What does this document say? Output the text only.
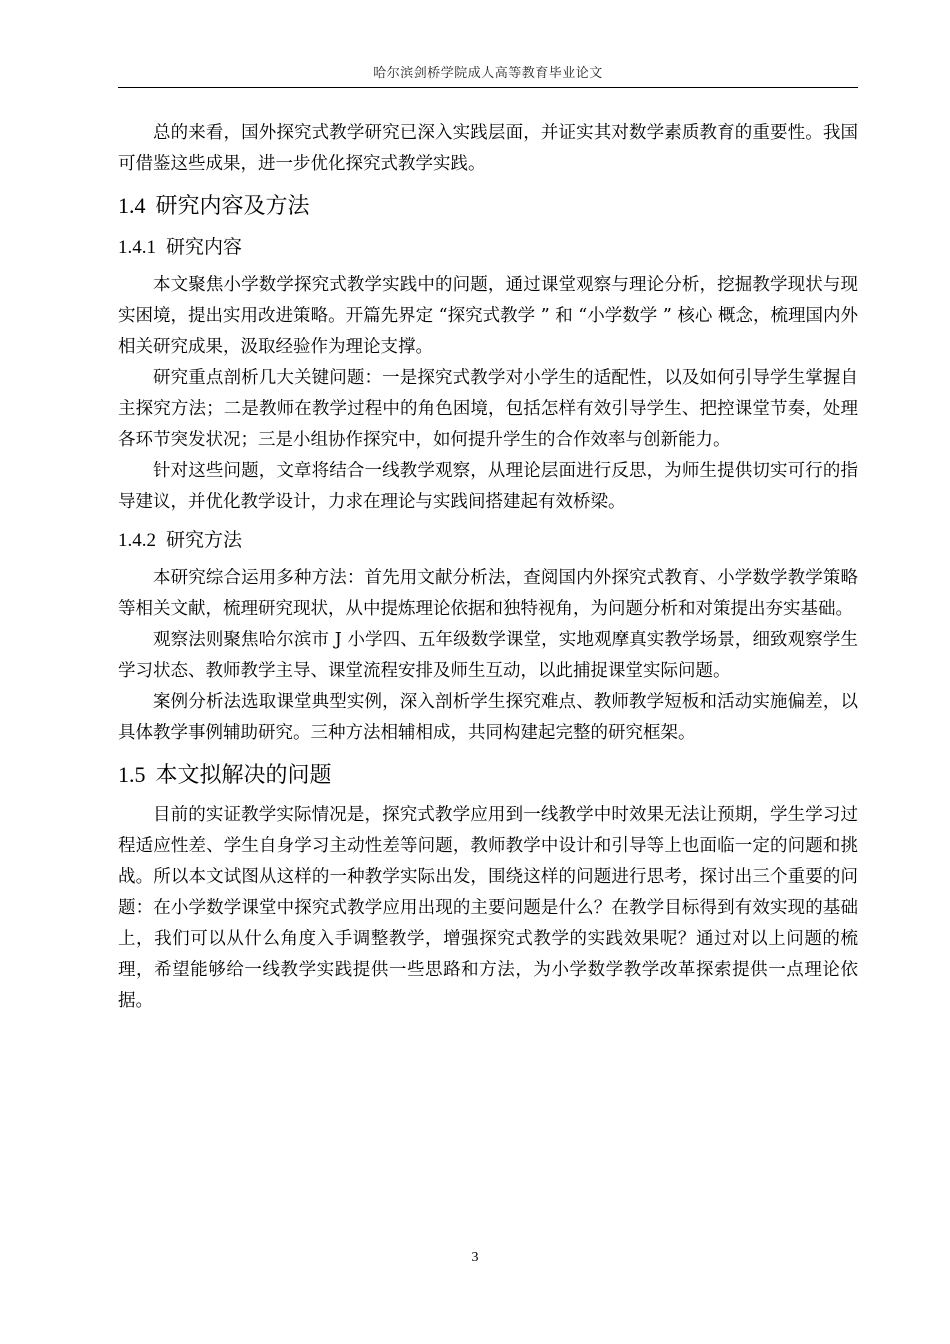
哈尔滨剑桥学院成人高等教育毕业论文

总的来看，国外探究式教学研究已深入实践层面，并证实其对数学素质教育的重要性。我国可借鉴这些成果，进一步优化探究式教学实践。

1.4 研究内容及方法
1.4.1 研究内容

本文聚焦小学数学探究式教学实践中的问题，通过课堂观察与理论分析，挖掘教学现状与现实困境，提出实用改进策略。开篇先界定 “探究式教学 ” 和 “小学数学 ” 核心 概念，梳理国内外相关研究成果，汲取经验作为理论支撑。

研究重点剖析几大关键问题：一是探究式教学对小学生的适配性，以及如何引导学生掌握自主探究方法；二是教师在教学过程中的角色困境，包括怎样有效引导学生、把控课堂节奏，处理各环节突发状况；三是小组协作探究中，如何提升学生的合作效率与创新能力。

针对这些问题，文章将结合一线教学观察，从理论层面进行反思，为师生提供切实可行的指导建议，并优化教学设计，力求在理论与实践间搭建起有效桥梁。

1.4.2 研究方法

本研究综合运用多种方法：首先用文献分析法，查阅国内外探究式教育、小学数学教学策略等相关文献，梳理研究现状，从中提炼理论依据和独特视角，为问题分析和对策提出夯实基础。

观察法则聚焦哈尔滨市 J 小学四、五年级数学课堂，实地观摩真实教学场景，细致观察学生学习状态、教师教学主导、课堂流程安排及师生互动，以此捕捉课堂实际问题。

案例分析法选取课堂典型实例，深入剖析学生探究难点、教师教学短板和活动实施偏差，以具体教学事例辅助研究。三种方法相辅相成，共同构建起完整的研究框架。

1.5 本文拟解决的问题

目前的实证教学实际情况是，探究式教学应用到一线教学中时效果无法让预期，学生学习过程适应性差、学生自身学习主动性差等问题，教师教学中设计和引导等上也面临一定的问题和挑战。所以本文试图从这样的一种教学实际出发，围绕这样的问题进行思考，探讨出三个重要的问题：在小学数学课堂中探究式教学应用出现的主要问题是什么？在教学目标得到有效实现的基础上，我们可以从什么角度入手调整教学，增强探究式教学的实践效果呢？通过对以上问题的梳理，希望能够给一线教学实践提供一些思路和方法，为小学数学教学改革探索提供一点理论依据。

3
